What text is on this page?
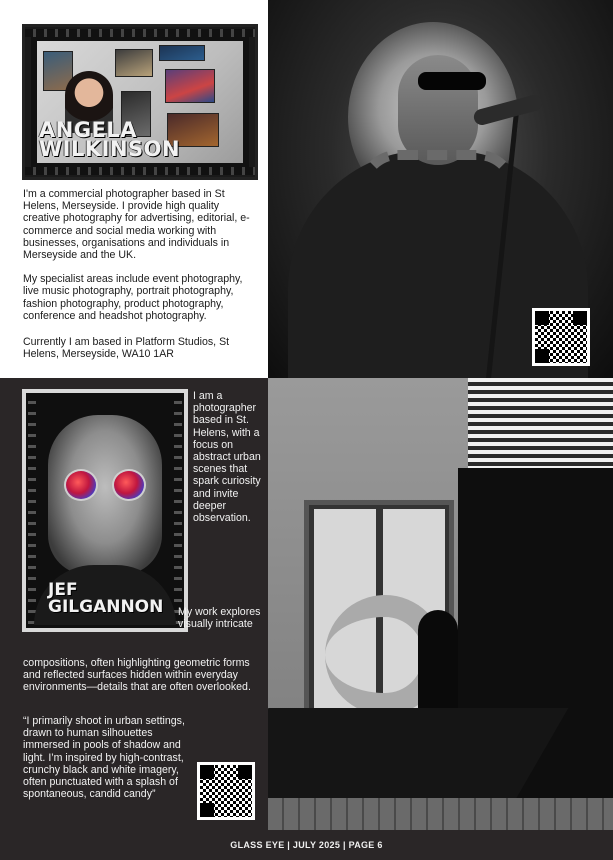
ANGELA
WILKINSON

I'm a commercial photographer based in St Helens, Merseyside. I provide high quality creative photography for advertising, editorial, e-commerce and social media working with businesses, organisations and individuals in Merseyside and the UK.

My specialist areas include event photography, live music photography, portrait photography, fashion photography, product photography, conference and headshot photography.

Currently I am based in Platform Studios, St Helens, Merseyside, WA10 1AR

JEF
GILGANNON

I am a photographer based in St. Helens, with a focus on abstract urban scenes that spark curiosity and invite deeper observation.

My work explores visually intricate

compositions, often highlighting geometric forms and reflected surfaces hidden within everyday environments—details that are often overlooked.

“I primarily shoot in urban settings, drawn to human silhouettes immersed in pools of shadow and light. I’m inspired by high-contrast, crunchy black and white imagery, often punctuated with a splash of spontaneous, candid candy”

GLASS EYE | JULY 2025 | PAGE 6
